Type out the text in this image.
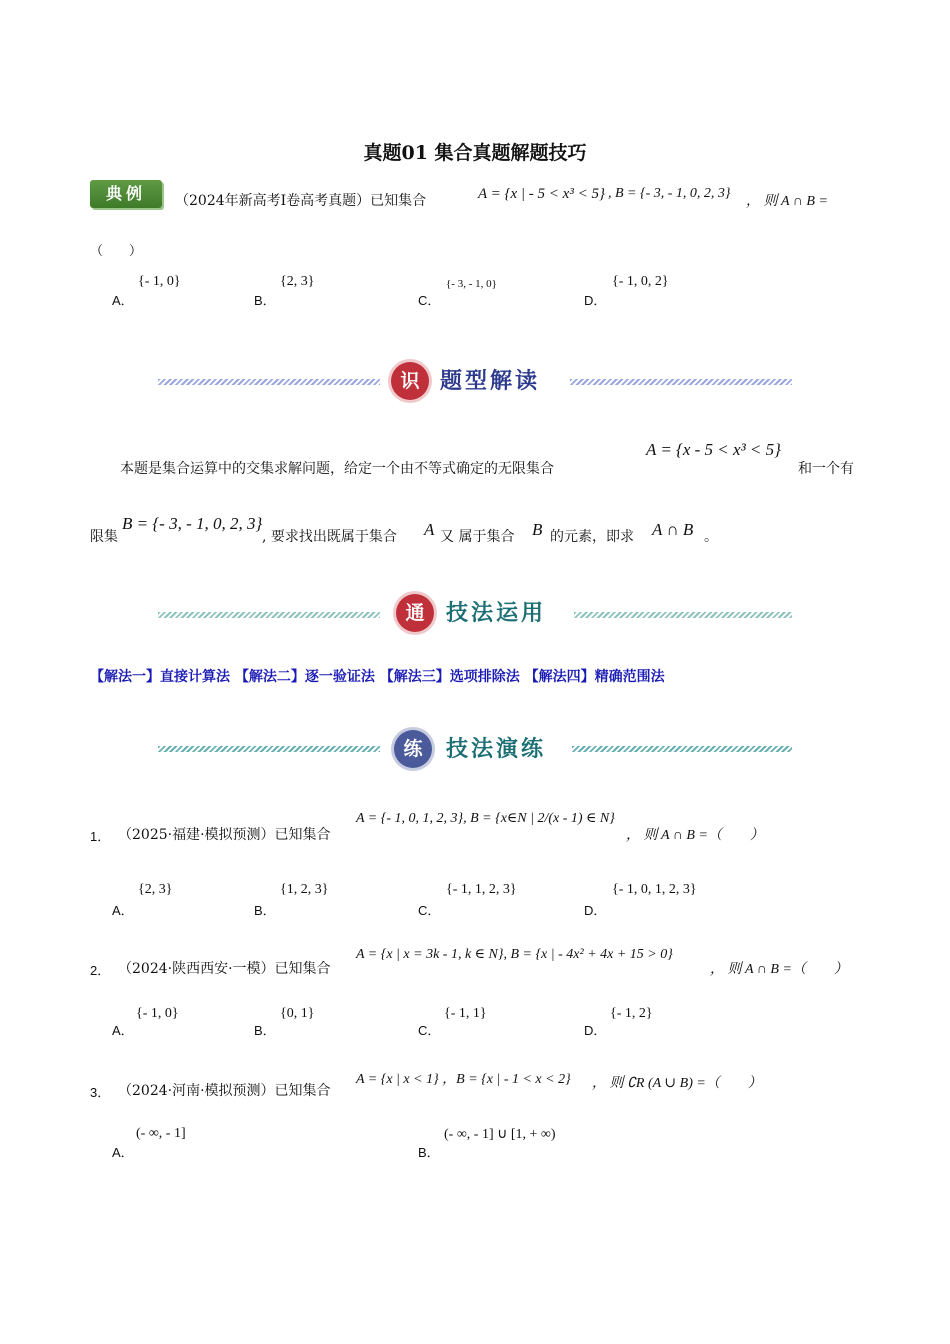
真题01 集合真题解题技巧
典例	（2024年新高考Ⅰ卷高考真题）已知集合	A = {x | - 5 < x³ < 5} , B = {- 3, - 1, 0, 2, 3}
， 则 A ∩ B =
（　　）
A．
{- 1, 0}
B．
{2, 3}
C．
{- 3, - 1, 0}
D．
{- 1, 0, 2}
识 题型解读
本题是集合运算中的交集求解问题，给定一个由不等式确定的无限集合
A = {x - 5 < x³ < 5}
和一个有
限集
B = {- 3, - 1, 0, 2, 3}
, 要求找出既属于集合 A 又 属于集合 B 的元素，即求 A ∩ B 。
通 技法运用
【解法一】直接计算法 【解法二】逐一验证法 【解法三】选项排除法 【解法四】精确范围法
练	技法演练
1． （2025·福建·模拟预测）已知集合
A = {- 1, 0, 1, 2, 3}, B = {x∈N | 2/(x - 1) ∈ N}
， 则 A ∩ B =（　　）
A．
{2, 3}
B．
{1, 2, 3}
C．
{- 1, 1, 2, 3}
D．
{- 1, 0, 1, 2, 3}
2． （2024·陕西西安·一模）已知集合
A = {x | x = 3k - 1, k ∈ N}, B = {x | - 4x² + 4x + 15 > 0}
， 则 A ∩ B =（　　）
A．
{- 1, 0}
B．
{0, 1}
C．
{- 1, 1}
D．
{- 1, 2}
3． （2024·河南·模拟预测）已知集合
A = {x | x < 1} ，B = {x | - 1 < x < 2} ， 则 ∁R (A ∪ B) =（　　）
A．
(- ∞, - 1]
B．
(- ∞, - 1] ∪ [1, + ∞)
